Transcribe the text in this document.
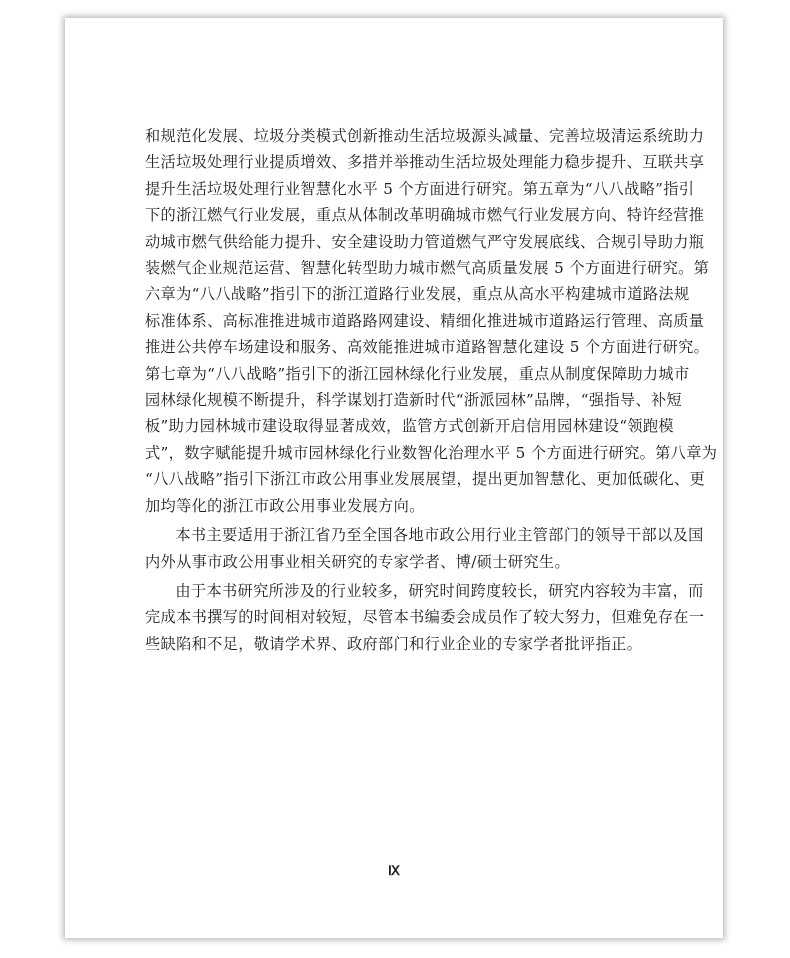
和规范化发展、垃圾分类模式创新推动生活垃圾源头减量、完善垃圾清运系统助力
生活垃圾处理行业提质增效、多措并举推动生活垃圾处理能力稳步提升、互联共享
提升生活垃圾处理行业智慧化水平 5 个方面进行研究。第五章为“八八战略”指引
下的浙江燃气行业发展，重点从体制改革明确城市燃气行业发展方向、特许经营推
动城市燃气供给能力提升、安全建设助力管道燃气严守发展底线、合规引导助力瓶
装燃气企业规范运营、智慧化转型助力城市燃气高质量发展 5 个方面进行研究。第
六章为“八八战略”指引下的浙江道路行业发展，重点从高水平构建城市道路法规
标准体系、高标准推进城市道路路网建设、精细化推进城市道路运行管理、高质量
推进公共停车场建设和服务、高效能推进城市道路智慧化建设 5 个方面进行研究。
第七章为“八八战略”指引下的浙江园林绿化行业发展，重点从制度保障助力城市
园林绿化规模不断提升，科学谋划打造新时代“浙派园林”品牌，“强指导、补短
板”助力园林城市建设取得显著成效，监管方式创新开启信用园林建设“领跑模
式”，数字赋能提升城市园林绿化行业数智化治理水平 5 个方面进行研究。第八章为
“八八战略”指引下浙江市政公用事业发展展望，提出更加智慧化、更加低碳化、更
加均等化的浙江市政公用事业发展方向。
本书主要适用于浙江省乃至全国各地市政公用行业主管部门的领导干部以及国
内外从事市政公用事业相关研究的专家学者、博/硕士研究生。
由于本书研究所涉及的行业较多，研究时间跨度较长，研究内容较为丰富，而
完成本书撰写的时间相对较短，尽管本书编委会成员作了较大努力，但难免存在一
些缺陷和不足，敬请学术界、政府部门和行业企业的专家学者批评指正。
Ⅸ
